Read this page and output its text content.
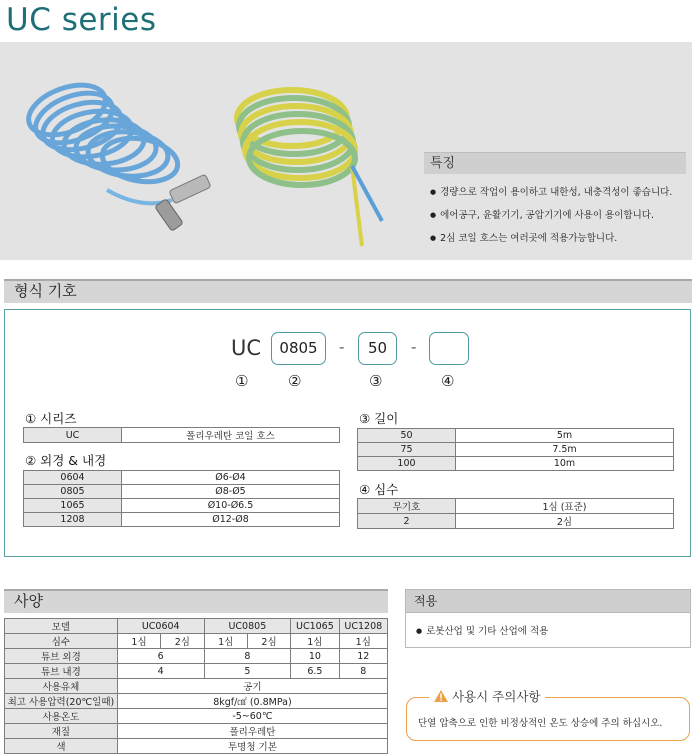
UC series
특징
● 경량으로 작업이 용이하고 내한성, 내충격성이 좋습니다.
● 에어공구, 윤활기기, 공압기기에 사용이 용이합니다.
● 2심 코일 호스는 여러곳에 적용가능합니다.
형식 기호
UC	0805	-	50	-
①	②	③	④
① 시리즈
UC	폴리우레탄 코일 호스
② 외경 & 내경
0604	Ø6-Ø4
0805	Ø8-Ø5
1065	Ø10-Ø6.5
1208	Ø12-Ø8
③ 길이
50	5m
75	7.5m
100	10m
④ 심수
무기호	1심 (표준)
2	2심
사양
모델	UC0604		UC0805		UC1065	UC1208
심수	1심	2심	1심	2심	1심	1심
튜브 외경	6		8		10	12
튜브 내경	4		5		6.5	8
사용유체	공기					
최고 사용압력(20℃일때)	8kgf/㎠ (0.8MPa)					
사용온도	-5~60℃					
재질	폴리우레탄					
색	투명청 기본					
적용
● 로봇산업 및 기타 산업에 적용
사용시 주의사항
단열 압축으로 인한 비정상적인 온도 상승에 주의 하십시오.
